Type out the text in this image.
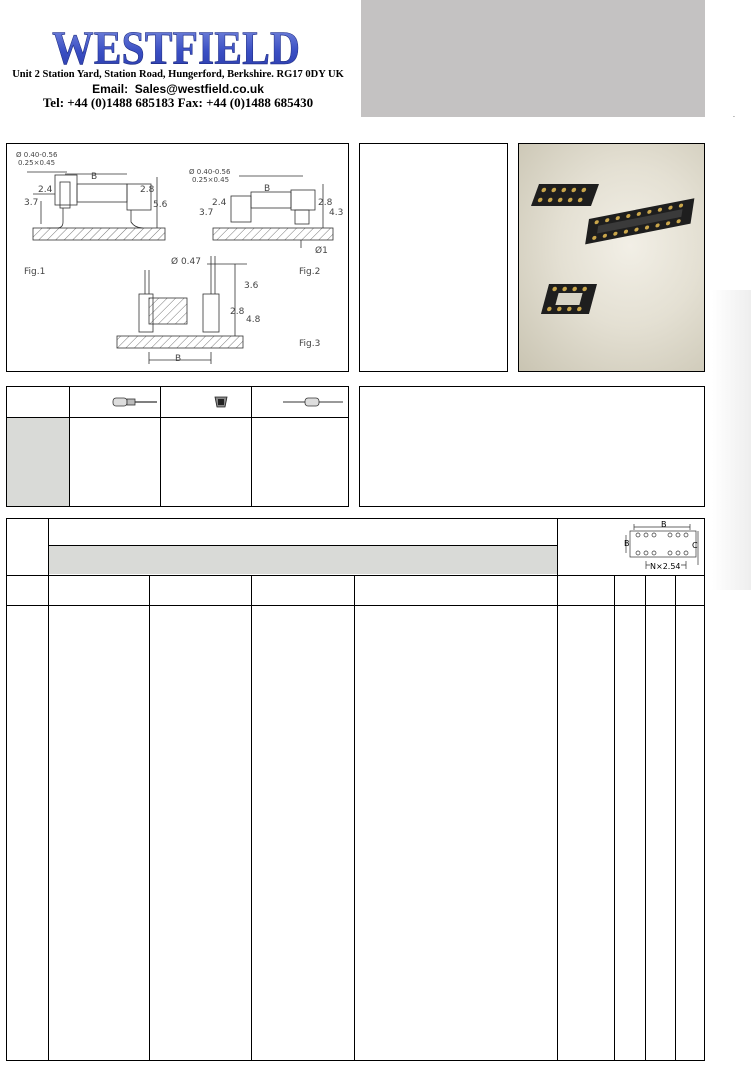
WESTFIELD
Unit 2 Station Yard, Station Road, Hungerford, Berkshire. RG17 0DY UK
Email: Sales@westfield.co.uk
Tel: +44 (0)1488 685183 Fax: +44 (0)1488 685430
.
Fig.1	Fig.2
Fig.3
Ø 0.40-0.56
0.25×0.45
B
2.4	2.8
3.7	5.6
Ø 0.40-0.56
0.25×0.45
B
2.4	2.8
3.7	4.3
Ø1
Ø 0.47
3.6
2.8
4.8
B
B
B	C
N×2.54
